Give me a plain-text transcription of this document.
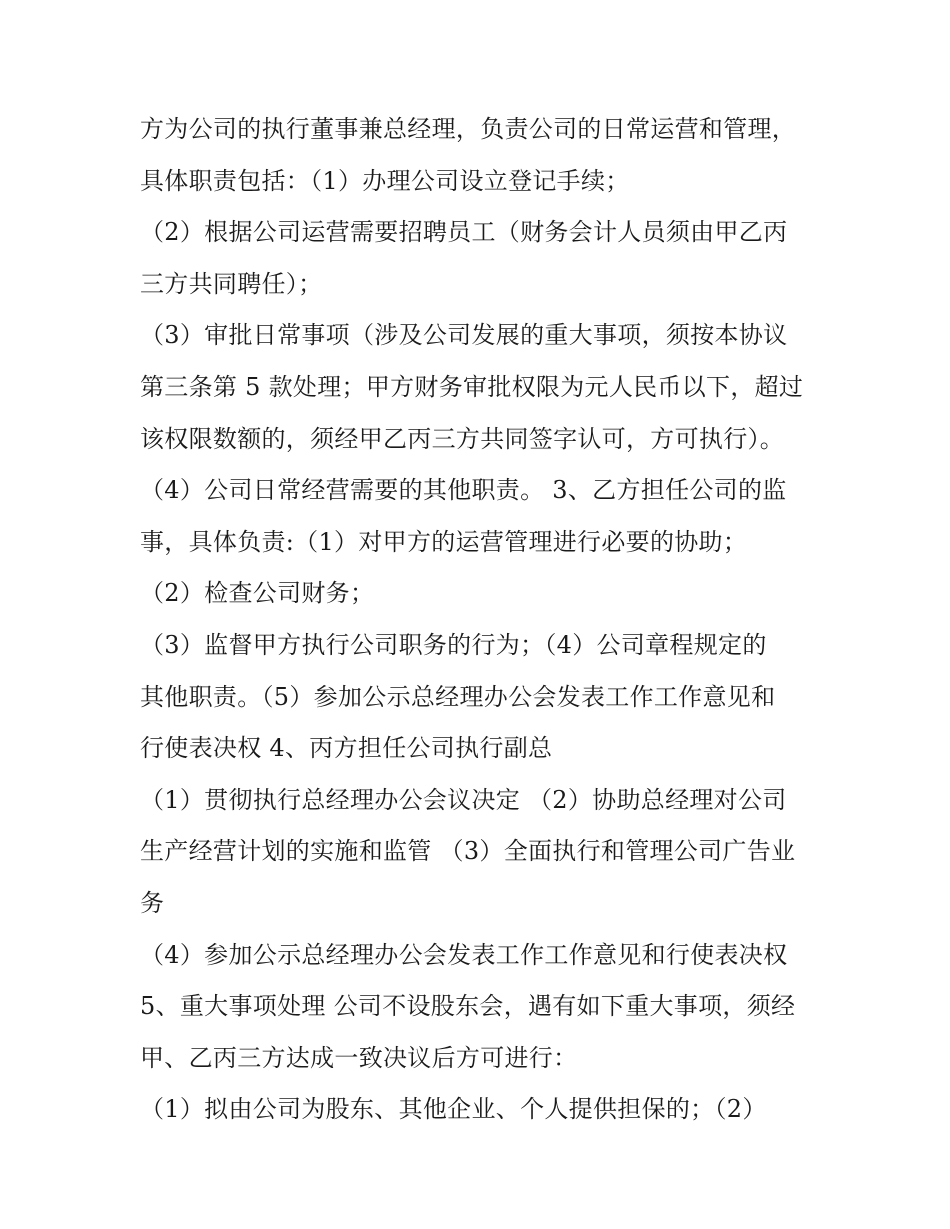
方为公司的执行董事兼总经理，负责公司的日常运营和管理，
具体职责包括：（1）办理公司设立登记手续；
（2）根据公司运营需要招聘员工（财务会计人员须由甲乙丙
三方共同聘任）；
（3）审批日常事项（涉及公司发展的重大事项，须按本协议
第三条第 5 款处理；甲方财务审批权限为元人民币以下，超过
该权限数额的，须经甲乙丙三方共同签字认可，方可执行）。
（4）公司日常经营需要的其他职责。 3、乙方担任公司的监
事，具体负责:（1）对甲方的运营管理进行必要的协助；
（2）检查公司财务；
（3）监督甲方执行公司职务的行为；（4）公司章程规定的
其他职责。（5）参加公示总经理办公会发表工作工作意见和
行使表决权 4、丙方担任公司执行副总
（1）贯彻执行总经理办公会议决定 （2）协助总经理对公司
生产经营计划的实施和监管 （3）全面执行和管理公司广告业
务
（4）参加公示总经理办公会发表工作工作意见和行使表决权
5、重大事项处理 公司不设股东会，遇有如下重大事项，须经
甲、乙丙三方达成一致决议后方可进行：
（1）拟由公司为股东、其他企业、个人提供担保的；（2）
